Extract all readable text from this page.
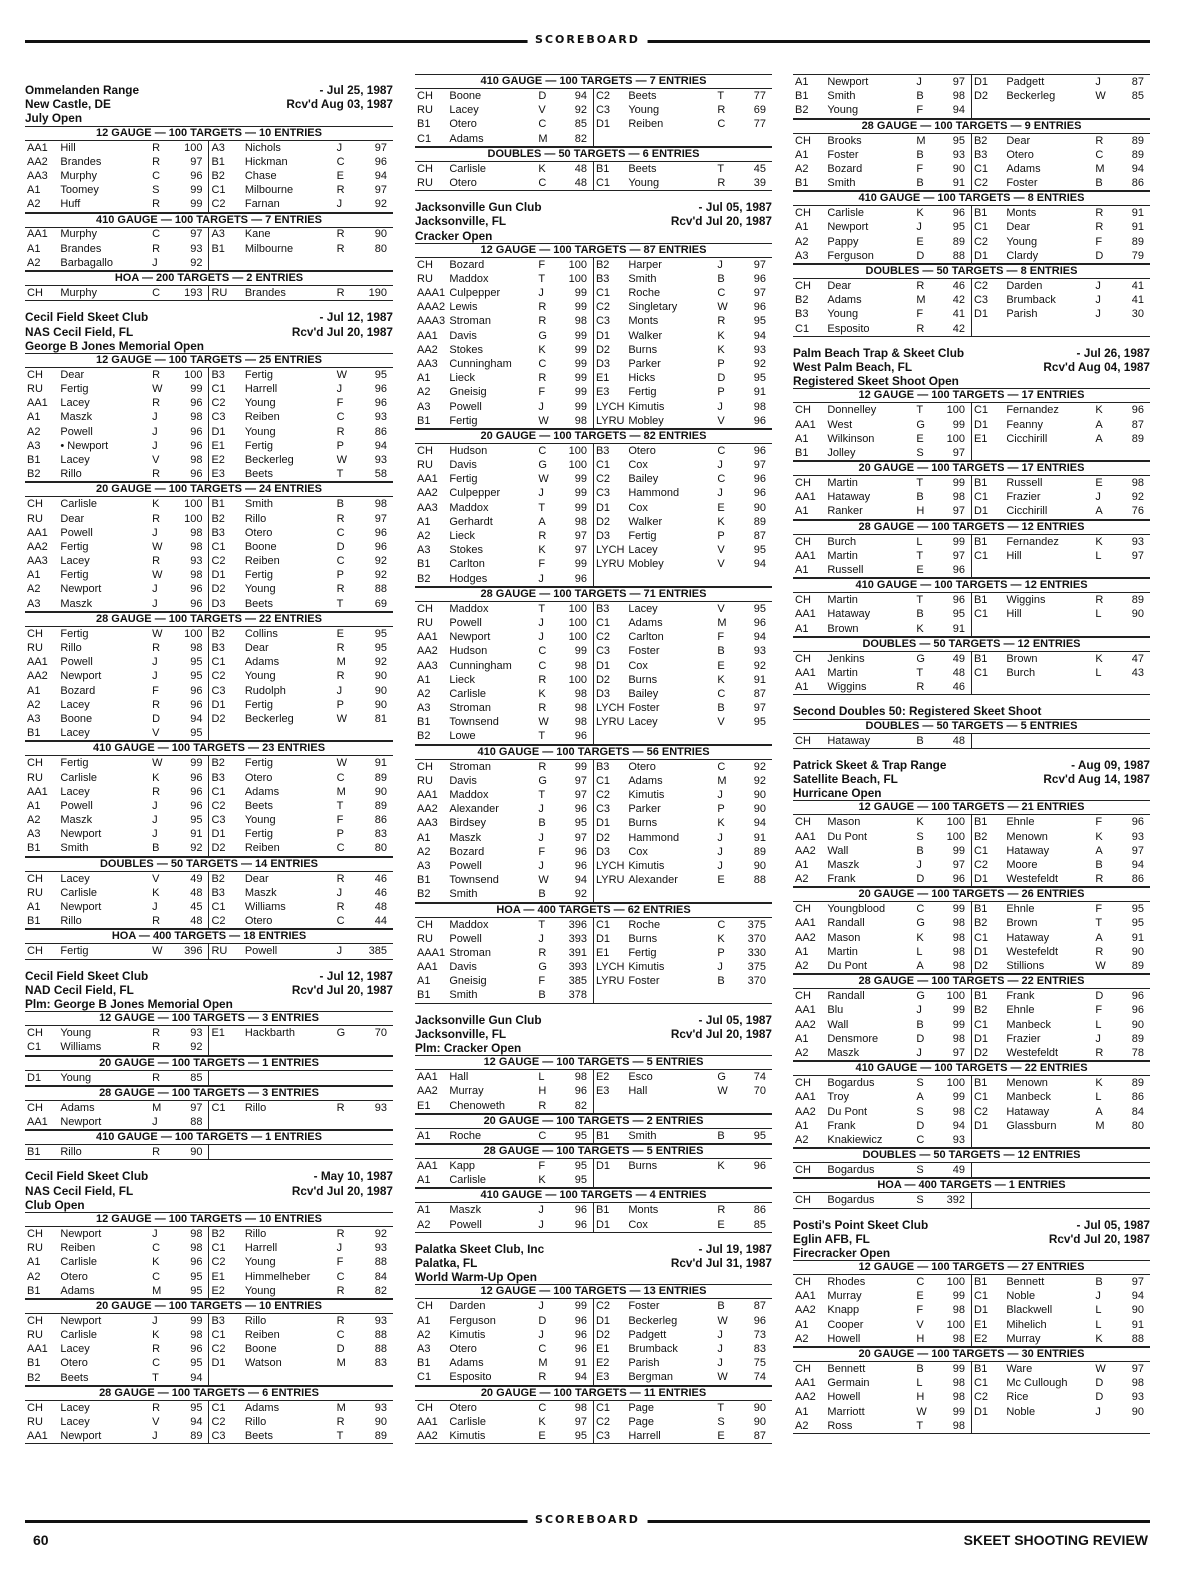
SCOREBOARD
Ommelanden Range	- Jul 25, 1987
New Castle, DE	Rcv'd Aug 03, 1987
July Open
12 GAUGE — 100 TARGETS — 10 ENTRIES
AA1	Hill	R	100	A3	Nichols	J	97
AA2	Brandes	R	97	B1	Hickman	C	96
AA3	Murphy	C	96	B2	Chase	E	94
A1	Toomey	S	99	C1	Milbourne	R	97
A2	Huff	R	99	C2	Farnan	J	92
410 GAUGE — 100 TARGETS — 7 ENTRIES
AA1	Murphy	C	97	A3	Kane	R	90
A1	Brandes	R	93	B1	Milbourne	R	80
A2	Barbagallo	J	92				
HOA — 200 TARGETS — 2 ENTRIES
CH	Murphy	C	193	RU	Brandes	R	190
Cecil Field Skeet Club	- Jul 12, 1987
NAS Cecil Field, FL	Rcv'd Jul 20, 1987
George B Jones Memorial Open
12 GAUGE — 100 TARGETS — 25 ENTRIES
CH	Dear	R	100	B3	Fertig	W	95
RU	Fertig	W	99	C1	Harrell	J	96
AA1	Lacey	R	96	C2	Young	F	96
A1	Maszk	J	98	C3	Reiben	C	93
A2	Powell	J	96	D1	Young	R	86
A3	• Newport	J	96	E1	Fertig	P	94
B1	Lacey	V	98	E2	Beckerleg	W	93
B2	Rillo	R	96	E3	Beets	T	58
20 GAUGE — 100 TARGETS — 24 ENTRIES
CH	Carlisle	K	100	B1	Smith	B	98
RU	Dear	R	100	B2	Rillo	R	97
AA1	Powell	J	98	B3	Otero	C	96
AA2	Fertig	W	98	C1	Boone	D	96
AA3	Lacey	R	93	C2	Reiben	C	92
A1	Fertig	W	98	D1	Fertig	P	92
A2	Newport	J	96	D2	Young	R	88
A3	Maszk	J	96	D3	Beets	T	69
28 GAUGE — 100 TARGETS — 22 ENTRIES
CH	Fertig	W	100	B2	Collins	E	95
RU	Rillo	R	98	B3	Dear	R	95
AA1	Powell	J	95	C1	Adams	M	92
AA2	Newport	J	95	C2	Young	R	90
A1	Bozard	F	96	C3	Rudolph	J	90
A2	Lacey	R	96	D1	Fertig	P	90
A3	Boone	D	94	D2	Beckerleg	W	81
B1	Lacey	V	95				
410 GAUGE — 100 TARGETS — 23 ENTRIES
CH	Fertig	W	99	B2	Fertig	W	91
RU	Carlisle	K	96	B3	Otero	C	89
AA1	Lacey	R	96	C1	Adams	M	90
A1	Powell	J	96	C2	Beets	T	89
A2	Maszk	J	95	C3	Young	F	86
A3	Newport	J	91	D1	Fertig	P	83
B1	Smith	B	92	D2	Reiben	C	80
DOUBLES — 50 TARGETS — 14 ENTRIES
CH	Lacey	V	49	B2	Dear	R	46
RU	Carlisle	K	48	B3	Maszk	J	46
A1	Newport	J	45	C1	Williams	R	48
B1	Rillo	R	48	C2	Otero	C	44
HOA — 400 TARGETS — 18 ENTRIES
CH	Fertig	W	396	RU	Powell	J	385
Cecil Field Skeet Club	- Jul 12, 1987
NAD Cecil Field, FL	Rcv'd Jul 20, 1987
Plm: George B Jones Memorial Open
12 GAUGE — 100 TARGETS — 3 ENTRIES
CH	Young	R	93	E1	Hackbarth	G	70
C1	Williams	R	92				
20 GAUGE — 100 TARGETS — 1 ENTRIES
D1	Young	R	85				
28 GAUGE — 100 TARGETS — 3 ENTRIES
CH	Adams	M	97	C1	Rillo	R	93
AA1	Newport	J	88				
410 GAUGE — 100 TARGETS — 1 ENTRIES
B1	Rillo	R	90				
Cecil Field Skeet Club	- May 10, 1987
NAS Cecil Field, FL	Rcv'd Jul 20, 1987
Club Open
12 GAUGE — 100 TARGETS — 10 ENTRIES
CH	Newport	J	98	B2	Rillo	R	92
RU	Reiben	C	98	C1	Harrell	J	93
A1	Carlisle	K	96	C2	Young	F	88
A2	Otero	C	95	E1	Himmelheber	C	84
B1	Adams	M	95	E2	Young	R	82
20 GAUGE — 100 TARGETS — 10 ENTRIES
CH	Newport	J	99	B3	Rillo	R	93
RU	Carlisle	K	98	C1	Reiben	C	88
AA1	Lacey	R	96	C2	Boone	D	88
B1	Otero	C	95	D1	Watson	M	83
B2	Beets	T	94				
28 GAUGE — 100 TARGETS — 6 ENTRIES
CH	Lacey	R	95	C1	Adams	M	93
RU	Lacey	V	94	C2	Rillo	R	90
AA1	Newport	J	89	C3	Beets	T	89
410 GAUGE — 100 TARGETS — 7 ENTRIES
CH	Boone	D	94	C2	Beets	T	77
RU	Lacey	V	92	C3	Young	R	69
B1	Otero	C	85	D1	Reiben	C	77
C1	Adams	M	82				
DOUBLES — 50 TARGETS — 6 ENTRIES
CH	Carlisle	K	48	B1	Beets	T	45
RU	Otero	C	48	C1	Young	R	39
Jacksonville Gun Club	- Jul 05, 1987
Jacksonville, FL	Rcv'd Jul 20, 1987
Cracker Open
12 GAUGE — 100 TARGETS — 87 ENTRIES
CH	Bozard	F	100	B2	Harper	J	97
RU	Maddox	T	100	B3	Smith	B	96
AAA1	Culpepper	J	99	C1	Roche	C	97
AAA2	Lewis	R	99	C2	Singletary	W	96
AAA3	Stroman	R	98	C3	Monts	R	95
AA1	Davis	G	99	D1	Walker	K	94
AA2	Stokes	K	99	D2	Burns	K	93
AA3	Cunningham	C	99	D3	Parker	P	92
A1	Lieck	R	99	E1	Hicks	D	95
A2	Gneisig	F	99	E3	Fertig	P	91
A3	Powell	J	99	LYCH	Kimutis	J	98
B1	Fertig	W	98	LYRU	Mobley	V	96
20 GAUGE — 100 TARGETS — 82 ENTRIES
CH	Hudson	C	100	B3	Otero	C	96
RU	Davis	G	100	C1	Cox	J	97
AA1	Fertig	W	99	C2	Bailey	C	96
AA2	Culpepper	J	99	C3	Hammond	J	96
AA3	Maddox	T	99	D1	Cox	E	90
A1	Gerhardt	A	98	D2	Walker	K	89
A2	Lieck	R	97	D3	Fertig	P	87
A3	Stokes	K	97	LYCH	Lacey	V	95
B1	Carlton	F	99	LYRU	Mobley	V	94
B2	Hodges	J	96				
28 GAUGE — 100 TARGETS — 71 ENTRIES
CH	Maddox	T	100	B3	Lacey	V	95
RU	Powell	J	100	C1	Adams	M	96
AA1	Newport	J	100	C2	Carlton	F	94
AA2	Hudson	C	99	C3	Foster	B	93
AA3	Cunningham	C	98	D1	Cox	E	92
A1	Lieck	R	100	D2	Burns	K	91
A2	Carlisle	K	98	D3	Bailey	C	87
A3	Stroman	R	98	LYCH	Foster	B	97
B1	Townsend	W	98	LYRU	Lacey	V	95
B2	Lowe	T	96				
410 GAUGE — 100 TARGETS — 56 ENTRIES
CH	Stroman	R	99	B3	Otero	C	92
RU	Davis	G	97	C1	Adams	M	92
AA1	Maddox	T	97	C2	Kimutis	J	90
AA2	Alexander	J	96	C3	Parker	P	90
AA3	Birdsey	B	95	D1	Burns	K	94
A1	Maszk	J	97	D2	Hammond	J	91
A2	Bozard	F	96	D3	Cox	J	89
A3	Powell	J	96	LYCH	Kimutis	J	90
B1	Townsend	W	94	LYRU	Alexander	E	88
B2	Smith	B	92				
HOA — 400 TARGETS — 62 ENTRIES
CH	Maddox	T	396	C1	Roche	C	375
RU	Powell	J	393	D1	Burns	K	370
AAA1	Stroman	R	391	E1	Fertig	P	330
AA1	Davis	G	393	LYCH	Kimutis	J	375
A1	Gneisig	F	385	LYRU	Foster	B	370
B1	Smith	B	378				
Jacksonville Gun Club	- Jul 05, 1987
Jacksonville, FL	Rcv'd Jul 20, 1987
Plm: Cracker Open
12 GAUGE — 100 TARGETS — 5 ENTRIES
AA1	Hall	L	98	E2	Esco	G	74
AA2	Murray	H	96	E3	Hall	W	70
E1	Chenoweth	R	82				
20 GAUGE — 100 TARGETS — 2 ENTRIES
A1	Roche	C	95	B1	Smith	B	95
28 GAUGE — 100 TARGETS — 5 ENTRIES
AA1	Kapp	F	95	D1	Burns	K	96
A1	Carlisle	K	95				
410 GAUGE — 100 TARGETS — 4 ENTRIES
A1	Maszk	J	96	B1	Monts	R	86
A2	Powell	J	96	D1	Cox	E	85
Palatka Skeet Club, Inc	- Jul 19, 1987
Palatka, FL	Rcv'd Jul 31, 1987
World Warm-Up Open
12 GAUGE — 100 TARGETS — 13 ENTRIES
CH	Darden	J	99	C2	Foster	B	87
A1	Ferguson	D	96	D1	Beckerleg	W	96
A2	Kimutis	J	96	D2	Padgett	J	73
A3	Otero	C	96	E1	Brumback	J	83
B1	Adams	M	91	E2	Parish	J	75
C1	Esposito	R	94	E3	Bergman	W	74
20 GAUGE — 100 TARGETS — 11 ENTRIES
CH	Otero	C	98	C1	Page	T	90
AA1	Carlisle	K	97	C2	Page	S	90
AA2	Kimutis	E	95	C3	Harrell	E	87
A1	Newport	J	97	D1	Padgett	J	87
B1	Smith	B	98	D2	Beckerleg	W	85
B2	Young	F	94				
28 GAUGE — 100 TARGETS — 9 ENTRIES
CH	Brooks	M	95	B2	Dear	R	89
A1	Foster	B	93	B3	Otero	C	89
A2	Bozard	F	90	C1	Adams	M	94
B1	Smith	B	91	C2	Foster	B	86
410 GAUGE — 100 TARGETS — 8 ENTRIES
CH	Carlisle	K	96	B1	Monts	R	91
A1	Newport	J	95	C1	Dear	R	91
A2	Pappy	E	89	C2	Young	F	89
A3	Ferguson	D	88	D1	Clardy	D	79
DOUBLES — 50 TARGETS — 8 ENTRIES
CH	Dear	R	46	C2	Darden	J	41
B2	Adams	M	42	C3	Brumback	J	41
B3	Young	F	41	D1	Parish	J	30
C1	Esposito	R	42				
Palm Beach Trap & Skeet Club	- Jul 26, 1987
West Palm Beach, FL	Rcv'd Aug 04, 1987
Registered Skeet Shoot Open
12 GAUGE — 100 TARGETS — 17 ENTRIES
CH	Donnelley	T	100	C1	Fernandez	K	96
AA1	West	G	99	D1	Feanny	A	87
A1	Wilkinson	E	100	E1	Cicchirill	A	89
B1	Jolley	S	97				
20 GAUGE — 100 TARGETS — 17 ENTRIES
CH	Martin	T	99	B1	Russell	E	98
AA1	Hataway	B	98	C1	Frazier	J	92
A1	Ranker	H	97	D1	Cicchirill	A	76
28 GAUGE — 100 TARGETS — 12 ENTRIES
CH	Burch	L	99	B1	Fernandez	K	93
AA1	Martin	T	97	C1	Hill	L	97
A1	Russell	E	96				
410 GAUGE — 100 TARGETS — 12 ENTRIES
CH	Martin	T	96	B1	Wiggins	R	89
AA1	Hataway	B	95	C1	Hill	L	90
A1	Brown	K	91				
DOUBLES — 50 TARGETS — 12 ENTRIES
CH	Jenkins	G	49	B1	Brown	K	47
AA1	Martin	T	48	C1	Burch	L	43
A1	Wiggins	R	46				
Second Doubles 50: Registered Skeet Shoot
DOUBLES — 50 TARGETS — 5 ENTRIES
CH	Hataway	B	48				
Patrick Skeet & Trap Range	- Aug 09, 1987
Satellite Beach, FL	Rcv'd Aug 14, 1987
Hurricane Open
12 GAUGE — 100 TARGETS — 21 ENTRIES
CH	Mason	K	100	B1	Ehnle	F	96
AA1	Du Pont	S	100	B2	Menown	K	93
AA2	Wall	B	99	C1	Hataway	A	97
A1	Maszk	J	97	C2	Moore	B	94
A2	Frank	D	96	D1	Westefeldt	R	86
20 GAUGE — 100 TARGETS — 26 ENTRIES
CH	Youngblood	C	99	B1	Ehnle	F	95
AA1	Randall	G	98	B2	Brown	T	95
AA2	Mason	K	98	C1	Hataway	A	91
A1	Martin	L	98	D1	Westefeldt	R	90
A2	Du Pont	A	98	D2	Stillions	W	89
28 GAUGE — 100 TARGETS — 22 ENTRIES
CH	Randall	G	100	B1	Frank	D	96
AA1	Blu	J	99	B2	Ehnle	F	96
AA2	Wall	B	99	C1	Manbeck	L	90
A1	Densmore	D	98	D1	Frazier	J	89
A2	Maszk	J	97	D2	Westefeldt	R	78
410 GAUGE — 100 TARGETS — 22 ENTRIES
CH	Bogardus	S	100	B1	Menown	K	89
AA1	Troy	A	99	C1	Manbeck	L	86
AA2	Du Pont	S	98	C2	Hataway	A	84
A1	Frank	D	94	D1	Glassburn	M	80
A2	Knakiewicz	C	93				
DOUBLES — 50 TARGETS — 12 ENTRIES
CH	Bogardus	S	49				
HOA — 400 TARGETS — 1 ENTRIES
CH	Bogardus	S	392				
Posti's Point Skeet Club	- Jul 05, 1987
Eglin AFB, FL	Rcv'd Jul 20, 1987
Firecracker Open
12 GAUGE — 100 TARGETS — 27 ENTRIES
CH	Rhodes	C	100	B1	Bennett	B	97
AA1	Murray	E	99	C1	Noble	J	94
AA2	Knapp	F	98	D1	Blackwell	L	90
A1	Cooper	V	100	E1	Mihelich	L	91
A2	Howell	H	98	E2	Murray	K	88
20 GAUGE — 100 TARGETS — 30 ENTRIES
CH	Bennett	B	99	B1	Ware	W	97
AA1	Germain	L	98	C1	Mc Cullough	D	98
AA2	Howell	H	98	C2	Rice	D	93
A1	Marriott	W	99	D1	Noble	J	90
A2	Ross	T	98				
SCOREBOARD
60	SKEET SHOOTING REVIEW
